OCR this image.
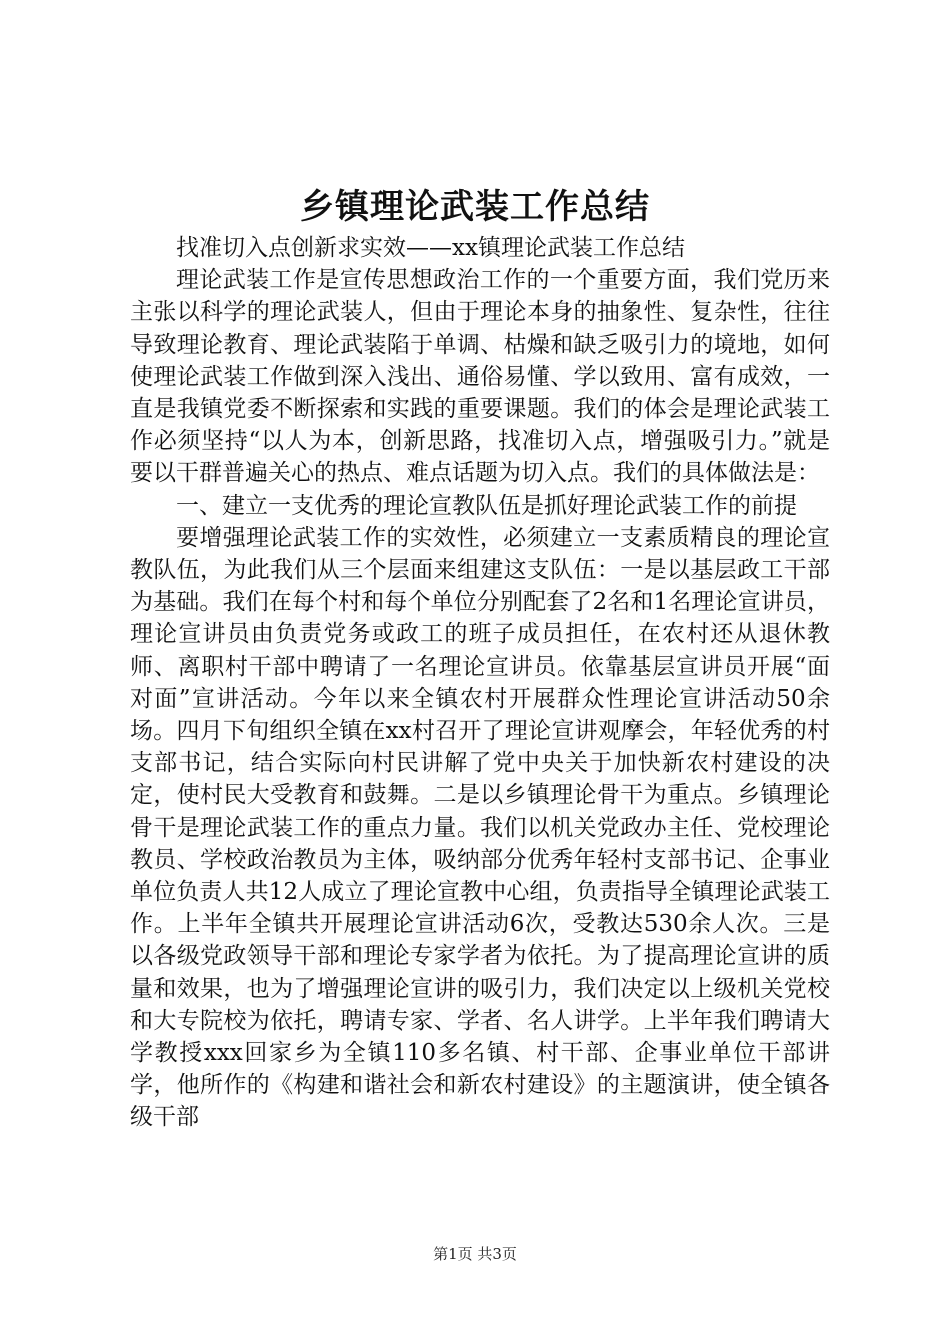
乡镇理论武装工作总结

找准切入点创新求实效——xx镇理论武装工作总结

理论武装工作是宣传思想政治工作的一个重要方面，我们党历来主张以科学的理论武装人，但由于理论本身的抽象性、复杂性，往往导致理论教育、理论武装陷于单调、枯燥和缺乏吸引力的境地，如何使理论武装工作做到深入浅出、通俗易懂、学以致用、富有成效，一直是我镇党委不断探索和实践的重要课题。我们的体会是理论武装工作必须坚持“以人为本，创新思路，找准切入点，增强吸引力。”就是要以干群普遍关心的热点、难点话题为切入点。我们的具体做法是：

一、建立一支优秀的理论宣教队伍是抓好理论武装工作的前提

要增强理论武装工作的实效性，必须建立一支素质精良的理论宣教队伍，为此我们从三个层面来组建这支队伍：一是以基层政工干部为基础。我们在每个村和每个单位分别配套了2名和1名理论宣讲员，理论宣讲员由负责党务或政工的班子成员担任，在农村还从退休教师、离职村干部中聘请了一名理论宣讲员。依靠基层宣讲员开展“面对面”宣讲活动。今年以来全镇农村开展群众性理论宣讲活动50余场。四月下旬组织全镇在xx村召开了理论宣讲观摩会，年轻优秀的村支部书记，结合实际向村民讲解了党中央关于加快新农村建设的决定，使村民大受教育和鼓舞。二是以乡镇理论骨干为重点。乡镇理论骨干是理论武装工作的重点力量。我们以机关党政办主任、党校理论教员、学校政治教员为主体，吸纳部分优秀年轻村支部书记、企事业单位负责人共12人成立了理论宣教中心组，负责指导全镇理论武装工作。上半年全镇共开展理论宣讲活动6次，受教达530余人次。三是以各级党政领导干部和理论专家学者为依托。为了提高理论宣讲的质量和效果，也为了增强理论宣讲的吸引力，我们决定以上级机关党校和大专院校为依托，聘请专家、学者、名人讲学。上半年我们聘请大学教授xxx回家乡为全镇110多名镇、村干部、企事业单位干部讲学，他所作的《构建和谐社会和新农村建设》的主题演讲，使全镇各级干部

第1页 共3页
